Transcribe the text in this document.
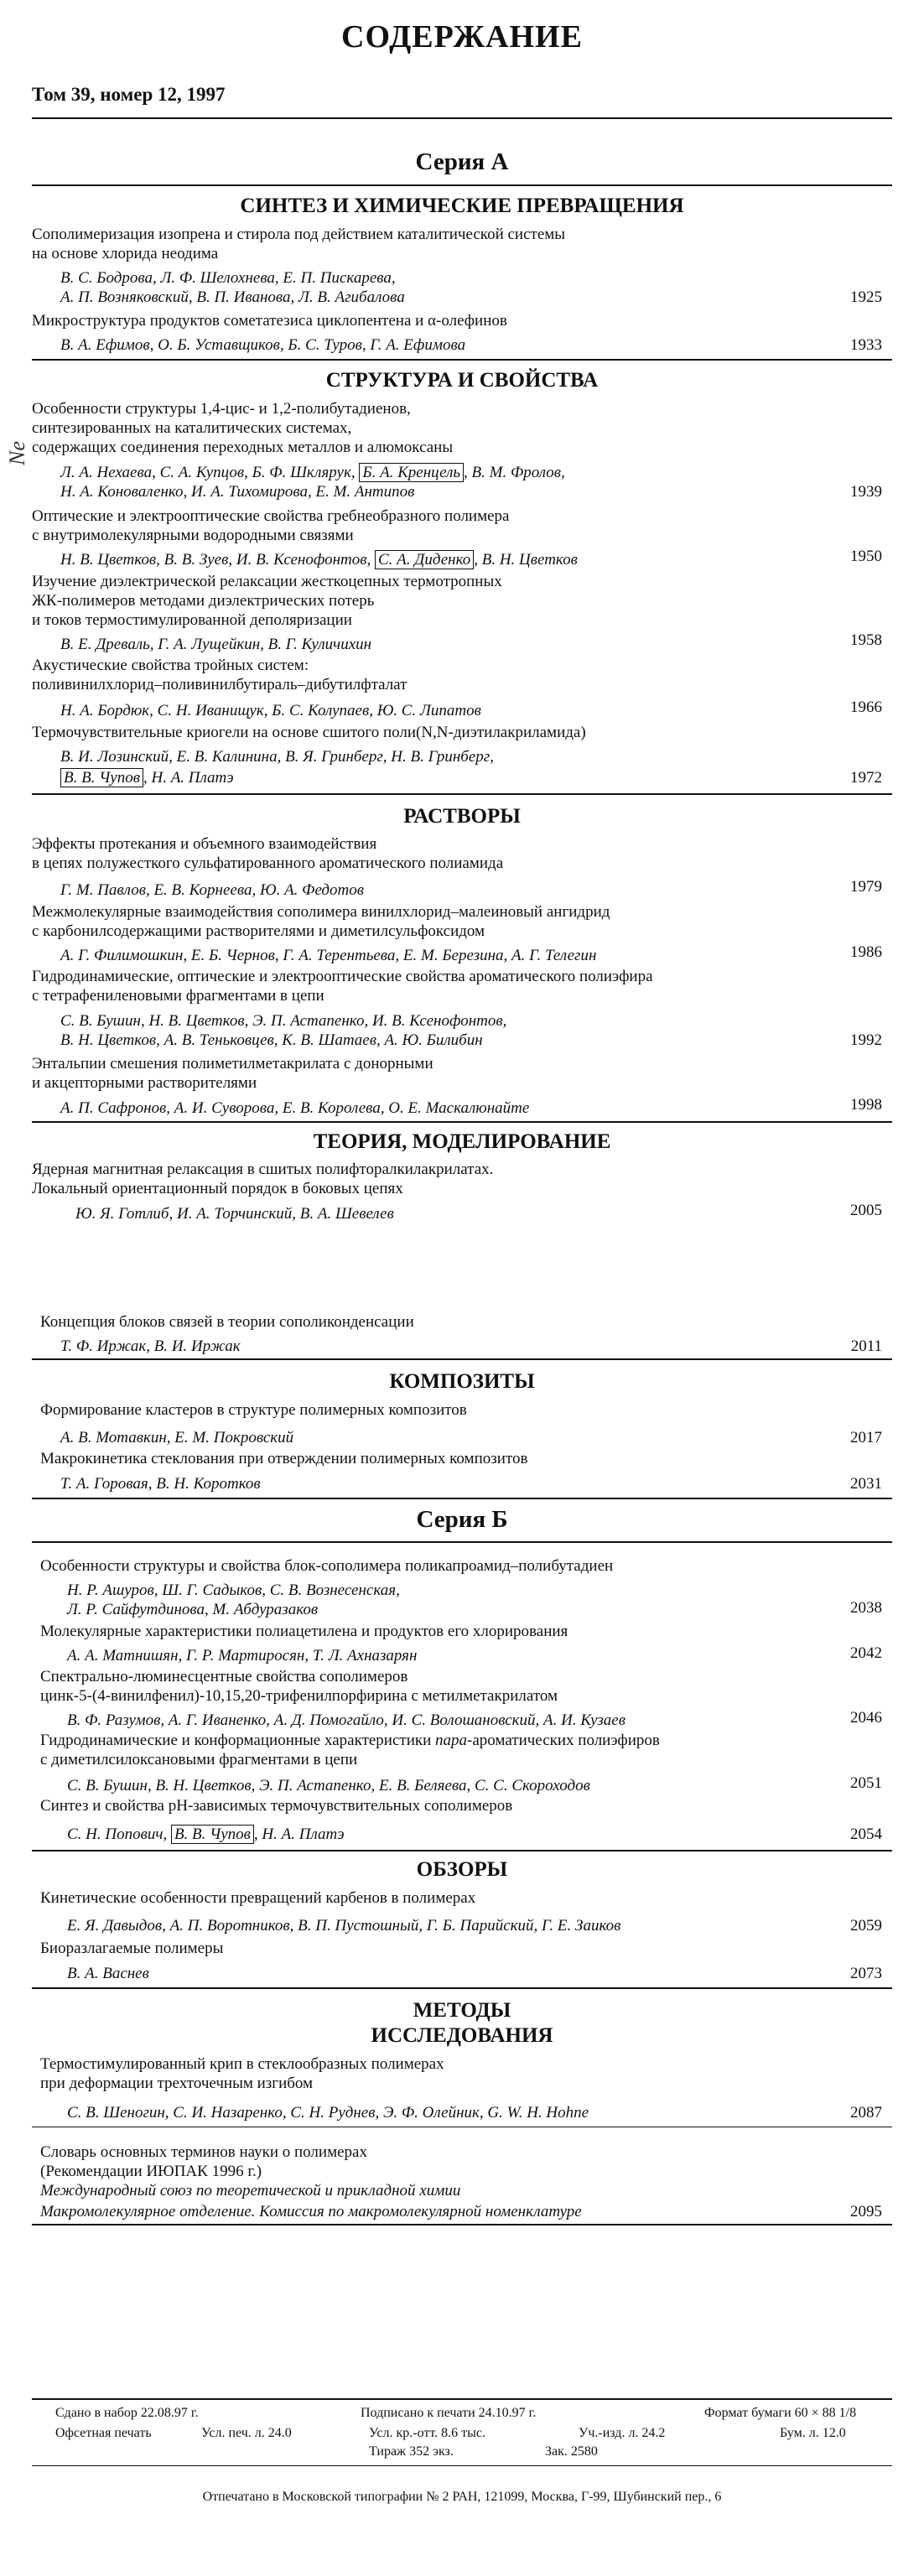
СОДЕРЖАНИЕ
Том 39, номер 12, 1997
Серия А
СИНТЕЗ И ХИМИЧЕСКИЕ ПРЕВРАЩЕНИЯ
Сополимеризация изопрена и стирола под действием каталитической системы
на основе хлорида неодима
В. С. Бодрова, Л. Ф. Шелохнева, Е. П. Пискарева,
А. П. Возняковский, В. П. Иванова, Л. В. Агибалова	1925
Микроструктура продуктов сометатезиса циклопентена и α-олефинов
В. А. Ефимов, О. Б. Уставщиков, Б. С. Туров, Г. А. Ефимова	1933
СТРУКТУРА И СВОЙСТВА
Особенности структуры 1,4-цис- и 1,2-полибутадиенов,
синтезированных на каталитических системах,
содержащих соединения переходных металлов и алюмоксаны
Л. А. Нехаева, С. А. Купцов, Б. Ф. Шклярук, Б. А. Кренцель , В. М. Фролов,
Н. А. Коноваленко, И. А. Тихомирова, Е. М. Антипов	1939
Оптические и электрооптические свойства гребнеобразного полимера
с внутримолекулярными водородными связями
Н. В. Цветков, В. В. Зуев, И. В. Ксенофонтов, С. А. Диденко , В. Н. Цветков	1950
Изучение диэлектрической релаксации жесткоцепных термотропных
ЖК-полимеров методами диэлектрических потерь
и токов термостимулированной деполяризации
В. Е. Древаль, Г. А. Лущейкин, В. Г. Куличихин	1958
Акустические свойства тройных систем:
поливинилхлорид–поливинилбутираль–дибутилфталат
Н. А. Бордюк, С. Н. Иванищук, Б. С. Колупаев, Ю. С. Липатов	1966
Термочувствительные криогели на основе сшитого поли(N,N-диэтилакриламида)
В. И. Лозинский, Е. В. Калинина, В. Я. Гринберг, Н. В. Гринберг,
В. В. Чупов , Н. А. Платэ	1972
РАСТВОРЫ
Эффекты протекания и объемного взаимодействия
в цепях полужесткого сульфатированного ароматического полиамида
Г. М. Павлов, Е. В. Корнеева, Ю. А. Федотов	1979
Межмолекулярные взаимодействия сополимера винилхлорид–малеиновый ангидрид
с карбонилсодержащими растворителями и диметилсульфоксидом
А. Г. Филимошкин, Е. Б. Чернов, Г. А. Терентьева, Е. М. Березина, А. Г. Телегин	1986
Гидродинамические, оптические и электрооптические свойства ароматического полиэфира
с тетрафениленовыми фрагментами в цепи
С. В. Бушин, Н. В. Цветков, Э. П. Астапенко, И. В. Ксенофонтов,
В. Н. Цветков, А. В. Теньковцев, К. В. Шатаев, А. Ю. Билибин	1992
Энтальпии смешения полиметилметакрилата с донорными
и акцепторными растворителями
А. П. Сафронов, А. И. Суворова, Е. В. Королева, О. Е. Маскалюнайте	1998
ТЕОРИЯ, МОДЕЛИРОВАНИЕ
Ядерная магнитная релаксация в сшитых полифторалкилакрилатах.
Локальный ориентационный порядок в боковых цепях
Ю. Я. Готлиб, И. А. Торчинский, В. А. Шевелев	2005
Концепция блоков связей в теории сополиконденсации
Т. Ф. Иржак, В. И. Иржак	2011
КОМПОЗИТЫ
Формирование кластеров в структуре полимерных композитов
А. В. Мотавкин, Е. М. Покровский	2017
Макрокинетика стеклования при отверждении полимерных композитов
Т. А. Горовая, В. Н. Коротков	2031
Серия Б
Особенности структуры и свойства блок-сополимера поликапроамид–полибутадиен
Н. Р. Ашуров, Ш. Г. Садыков, С. В. Вознесенская,
Л. Р. Сайфутдинова, М. Абдуразаков	2038
Молекулярные характеристики полиацетилена и продуктов его хлорирования
А. А. Матнишян, Г. Р. Мартиросян, Т. Л. Ахназарян	2042
Спектрально-люминесцентные свойства сополимеров
цинк-5-(4-винилфенил)-10,15,20-трифенилпорфирина с метилметакрилатом
В. Ф. Разумов, А. Г. Иваненко, А. Д. Помогайло, И. С. Волошановский, А. И. Кузаев	2046
Гидродинамические и конформационные характеристики пара-ароматических полиэфиров
с диметилсилоксановыми фрагментами в цепи
С. В. Бушин, В. Н. Цветков, Э. П. Астапенко, Е. В. Беляева, С. С. Скороходов	2051
Синтез и свойства pH-зависимых термочувствительных сополимеров
С. Н. Попович, В. В. Чупов , Н. А. Платэ	2054
ОБЗОРЫ
Кинетические особенности превращений карбенов в полимерах
Е. Я. Давыдов, А. П. Воротников, В. П. Пустошный, Г. Б. Парийский, Г. Е. Заиков	2059
Биоразлагаемые полимеры
В. А. Васнев	2073
МЕТОДЫ
ИССЛЕДОВАНИЯ
Термостимулированный крип в стеклообразных полимерах
при деформации трехточечным изгибом
С. В. Шеногин, С. И. Назаренко, С. Н. Руднев, Э. Ф. Олейник, G. W. H. Hohne	2087
Словарь основных терминов науки о полимерах
(Рекомендации ИЮПАК 1996 г.)
Международный союз по теоретической и прикладной химии
Макромолекулярное отделение. Комиссия по макромолекулярной номенклатуре	2095
Ne
Сдано в набор 22.08.97 г.	Подписано к печати 24.10.97 г.	Формат бумаги 60 × 88 1/8
Офсетная печать	Усл. печ. л. 24.0	Усл. кр.-отт. 8.6 тыс.	Уч.-изд. л. 24.2	Бум. л. 12.0
Тираж 352 экз.	Зак. 2580
Отпечатано в Московской типографии № 2 РАН, 121099, Москва, Г-99, Шубинский пер., 6
